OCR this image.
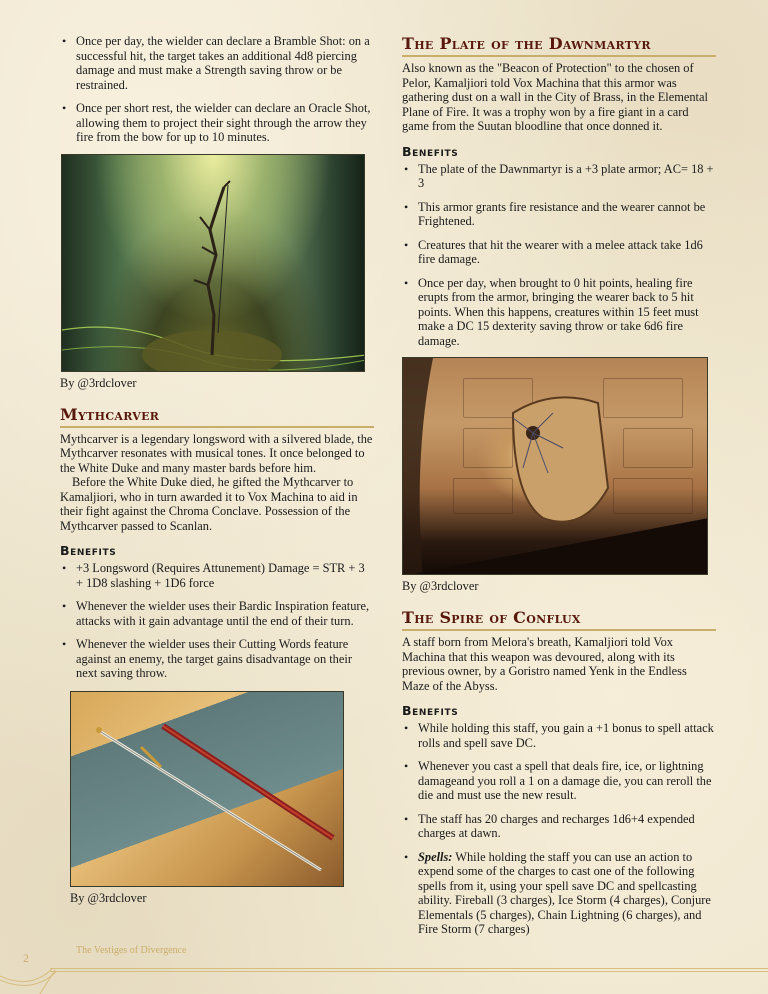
• Once per day, the wielder can declare a Bramble Shot: on a successful hit, the target takes an additional 4d8 piercing damage and must make a Strength saving throw or be restrained.
• Once per short rest, the wielder can declare an Oracle Shot, allowing them to project their sight through the arrow they fire from the bow for up to 10 minutes.
By @3rdclover
Mythcarver

Mythcarver is a legendary longsword with a silvered blade, the Mythcarver resonates with musical tones. It once belonged to the White Duke and many master bards before him.

Before the White Duke died, he gifted the Mythcarver to Kamaljiori, who in turn awarded it to Vox Machina to aid in their fight against the Chroma Conclave. Possession of the Mythcarver passed to Scanlan.

Benefits
• +3 Longsword (Requires Attunement) Damage = STR + 3 + 1D8 slashing + 1D6 force
• Whenever the wielder uses their Bardic Inspiration feature, attacks with it gain advantage until the end of their turn.
• Whenever the wielder uses their Cutting Words feature against an enemy, the target gains disadvantage on their next saving throw.
By @3rdclover
The Plate of the Dawnmartyr

Also known as the "Beacon of Protection" to the chosen of Pelor, Kamaljiori told Vox Machina that this armor was gathering dust on a wall in the City of Brass, in the Elemental Plane of Fire. It was a trophy won by a fire giant in a card game from the Suutan bloodline that once donned it.

Benefits
• The plate of the Dawnmartyr is a +3 plate armor; AC= 18 + 3
• This armor grants fire resistance and the wearer cannot be Frightened.
• Creatures that hit the wearer with a melee attack take 1d6 fire damage.
• Once per day, when brought to 0 hit points, healing fire erupts from the armor, bringing the wearer back to 5 hit points. When this happens, creatures within 15 feet must make a DC 15 dexterity saving throw or take 6d6 fire damage.
By @3rdclover
The Spire of Conflux

A staff born from Melora's breath, Kamaljiori told Vox Machina that this weapon was devoured, along with its previous owner, by a Goristro named Yenk in the Endless Maze of the Abyss.

Benefits
• While holding this staff, you gain a +1 bonus to spell attack rolls and spell save DC.
• Whenever you cast a spell that deals fire, ice, or lightning damageand you roll a 1 on a damage die, you can reroll the die and must use the new result.
• The staff has 20 charges and recharges 1d6+4 expended charges at dawn.
• Spells: While holding the staff you can use an action to expend some of the charges to cast one of the following spells from it, using your spell save DC and spellcasting ability. Fireball (3 charges), Ice Storm (4 charges), Conjure Elementals (5 charges), Chain Lightning (6 charges), and Fire Storm (7 charges)
2
The Vestiges of Divergence
